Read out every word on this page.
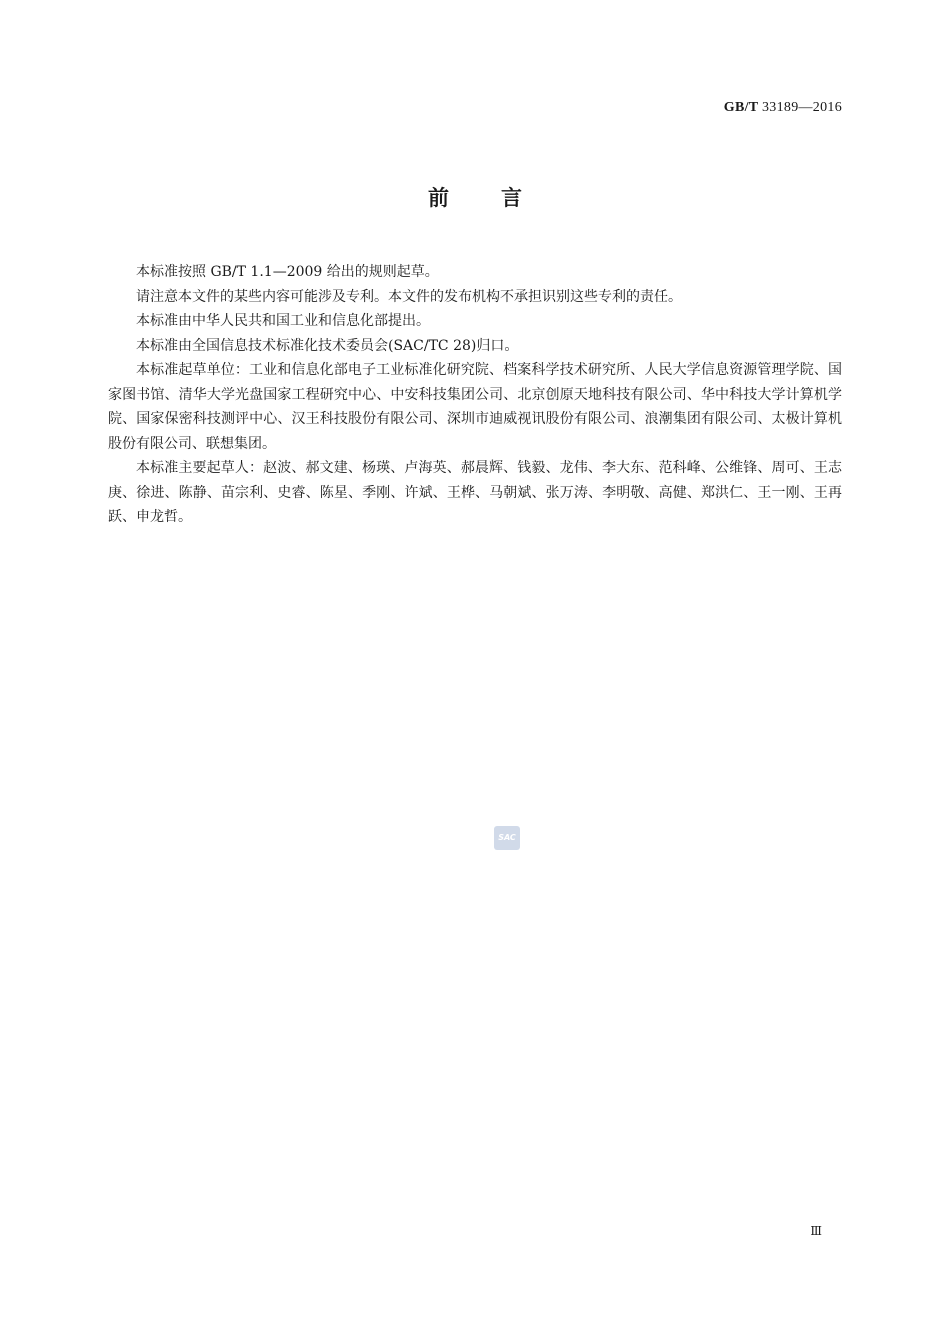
GB/T 33189—2016
前言

本标准按照 GB/T 1.1—2009 给出的规则起草。

请注意本文件的某些内容可能涉及专利。本文件的发布机构不承担识别这些专利的责任。

本标准由中华人民共和国工业和信息化部提出。

本标准由全国信息技术标准化技术委员会(SAC/TC 28)归口。

本标准起草单位：工业和信息化部电子工业标准化研究院、档案科学技术研究所、人民大学信息资源管理学院、国家图书馆、清华大学光盘国家工程研究中心、中安科技集团公司、北京创原天地科技有限公司、华中科技大学计算机学院、国家保密科技测评中心、汉王科技股份有限公司、深圳市迪威视讯股份有限公司、浪潮集团有限公司、太极计算机股份有限公司、联想集团。

本标准主要起草人：赵波、郝文建、杨瑛、卢海英、郝晨辉、钱毅、龙伟、李大东、范科峰、公维锋、周可、王志庚、徐进、陈静、苗宗利、史睿、陈星、季刚、许斌、王桦、马朝斌、张万涛、李明敬、高健、郑洪仁、王一刚、王再跃、申龙哲。

SAC
Ⅲ
